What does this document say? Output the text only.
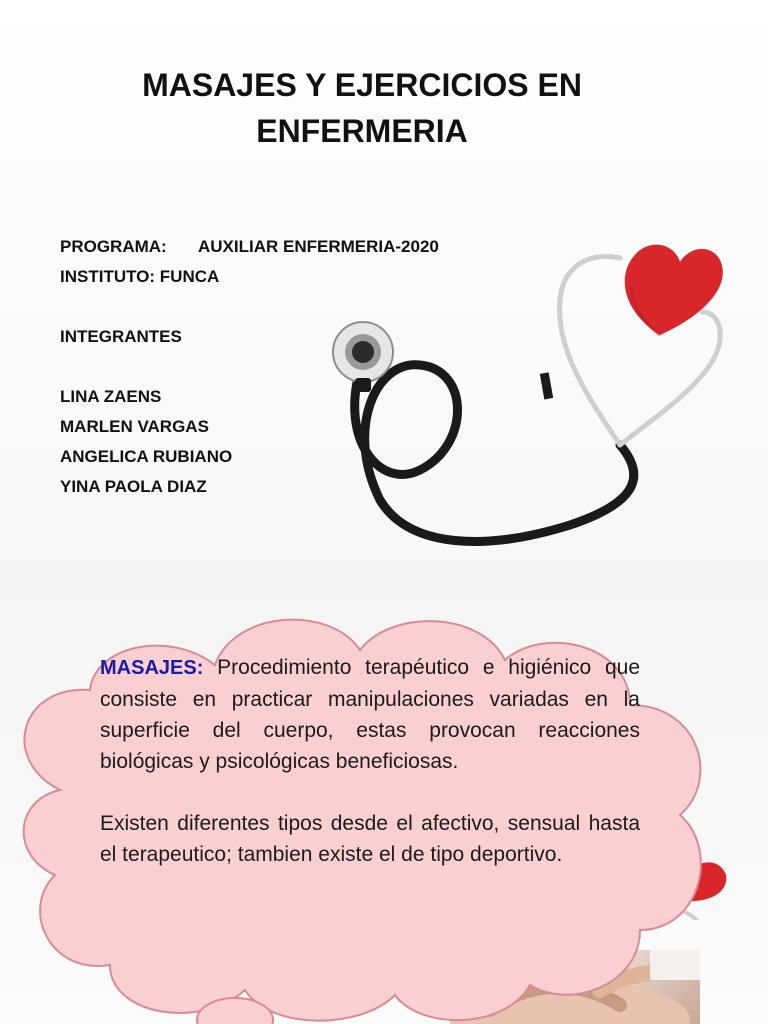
MASAJES Y EJERCICIOS EN
ENFERMERIA
PROGRAMA: AUXILIAR ENFERMERIA-2020
INSTITUTO: FUNCA
INTEGRANTES
LINA ZAENS
MARLEN VARGAS
ANGELICA RUBIANO
YINA PAOLA DIAZ

MASAJES: Procedimiento terapéutico e higiénico que consiste en practicar manipulaciones variadas en la superficie del cuerpo, estas provocan reacciones biológicas y psicológicas beneficiosas.

Existen diferentes tipos desde el afectivo, sensual hasta el terapeutico; tambien existe el de tipo deportivo.
